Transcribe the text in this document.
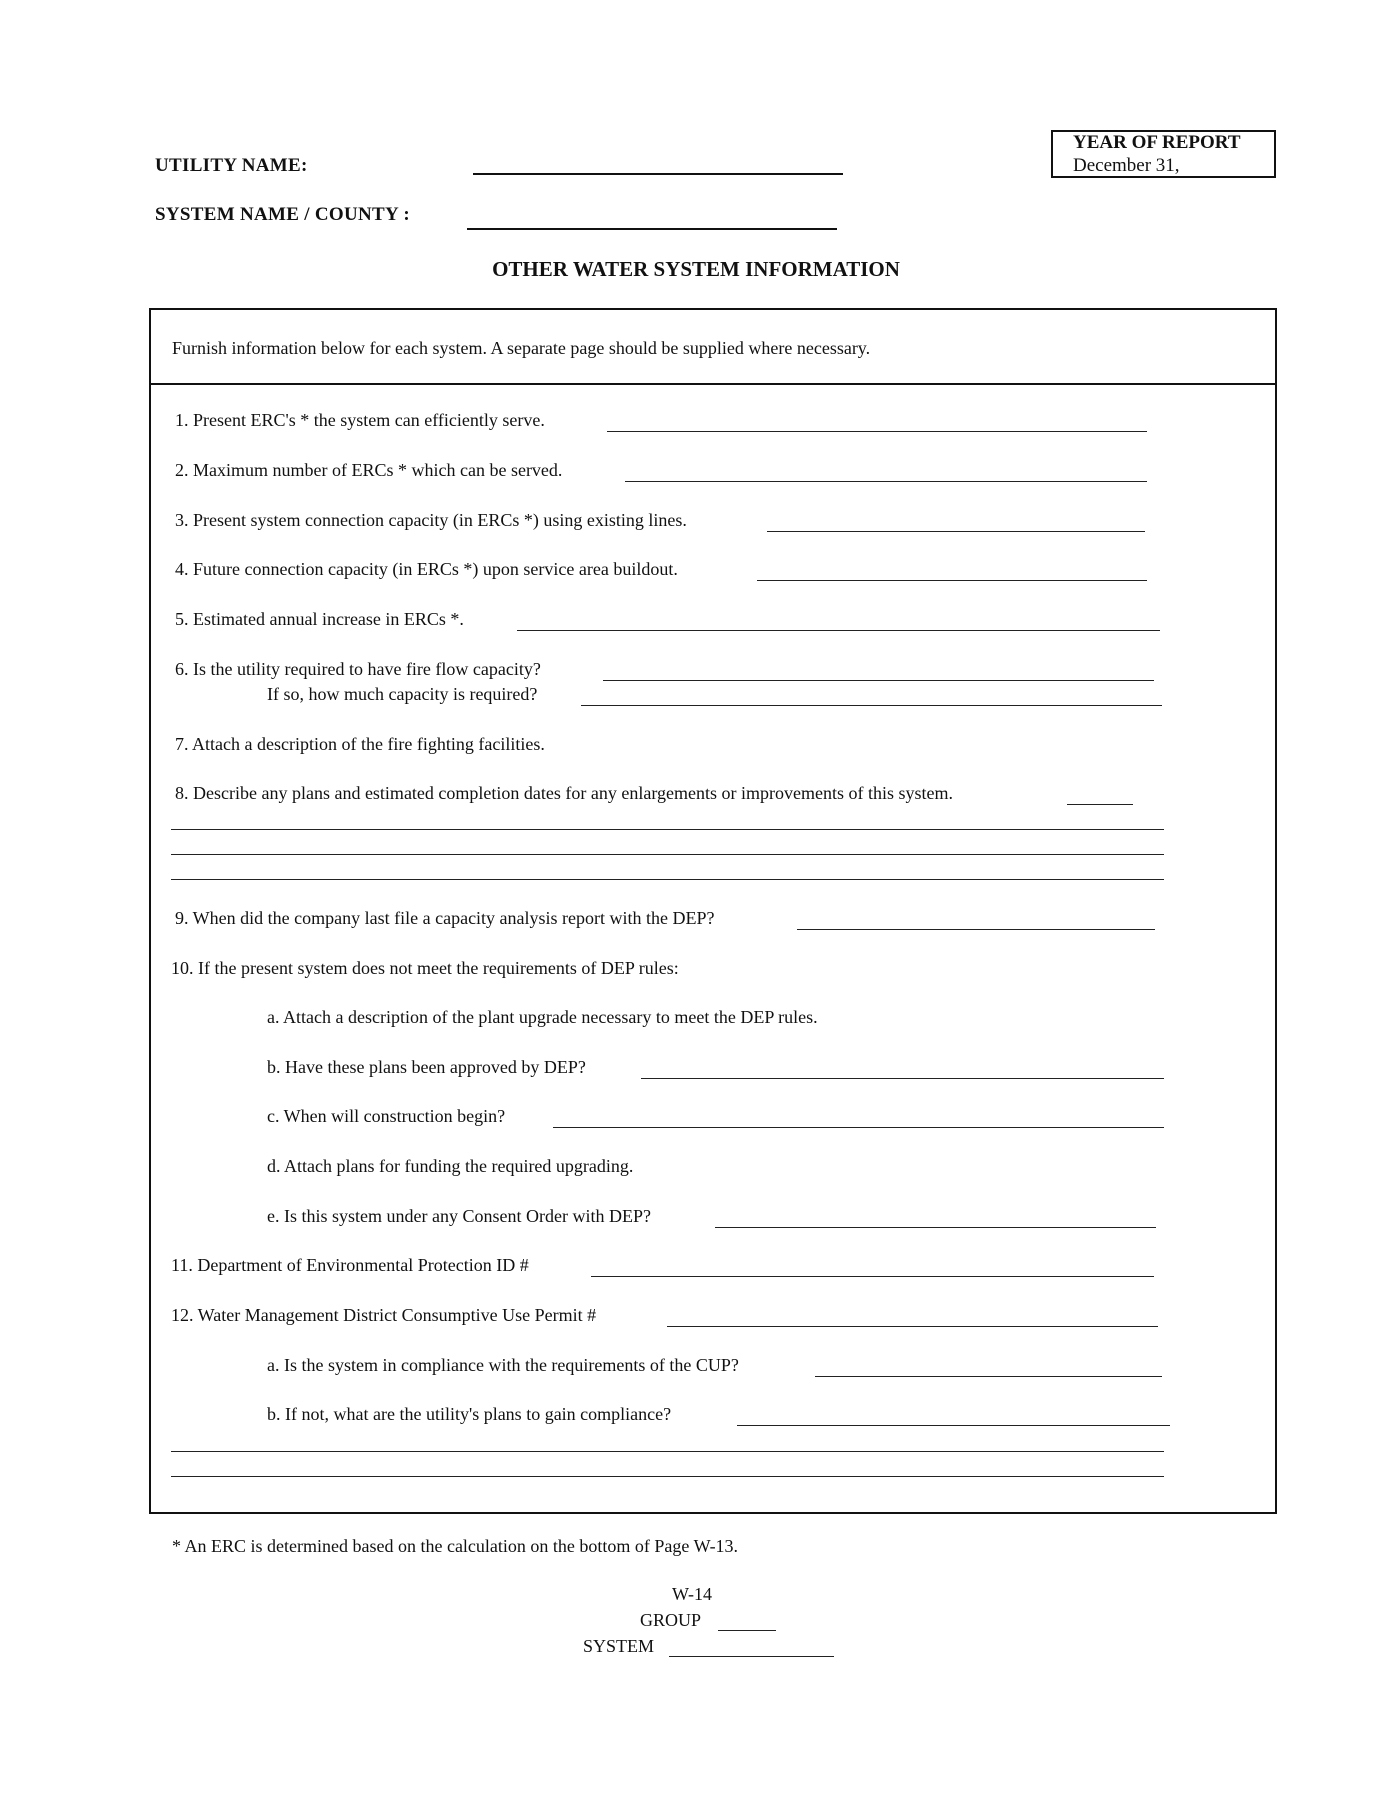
UTILITY NAME:
SYSTEM NAME / COUNTY :
YEAR OF REPORT
December 31,
OTHER WATER SYSTEM INFORMATION
Furnish information below for each system. A separate page should be supplied where necessary.
1. Present ERC's * the system can efficiently serve.
2. Maximum number of ERCs * which can be served.
3. Present system connection capacity (in ERCs *) using existing lines.
4. Future connection capacity (in ERCs *) upon service area buildout.
5. Estimated annual increase in ERCs *.
6. Is the utility required to have fire flow capacity?
If so, how much capacity is required?
7. Attach a description of the fire fighting facilities.
8. Describe any plans and estimated completion dates for any enlargements or improvements of this system.
9. When did the company last file a capacity analysis report with the DEP?
10. If the present system does not meet the requirements of DEP rules:
a. Attach a description of the plant upgrade necessary to meet the DEP rules.
b. Have these plans been approved by DEP?
c. When will construction begin?
d. Attach plans for funding the required upgrading.
e. Is this system under any Consent Order with DEP?
11. Department of Environmental Protection ID #
12. Water Management District Consumptive Use Permit #
a. Is the system in compliance with the requirements of the CUP?
b. If not, what are the utility's plans to gain compliance?
* An ERC is determined based on the calculation on the bottom of Page W-13.
W-14
GROUP
SYSTEM
